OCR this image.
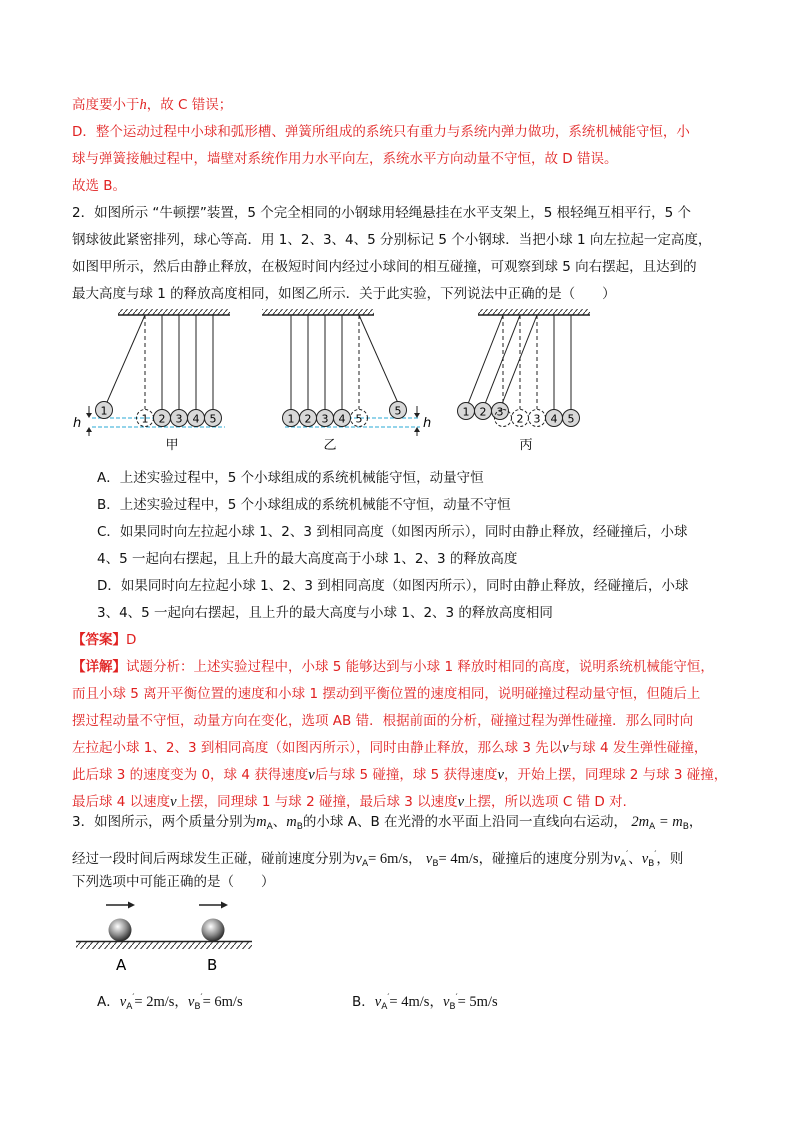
高度要小于h，故 C 错误；
D．整个运动过程中小球和弧形槽、弹簧所组成的系统只有重力与系统内弹力做功，系统机械能守恒，小
球与弹簧接触过程中，墙壁对系统作用力水平向左，系统水平方向动量不守恒，故 D 错误。
故选 B。
2．如图所示 “牛顿摆”装置，5 个完全相同的小钢球用轻绳悬挂在水平支架上，5 根轻绳互相平行，5 个
钢球彼此紧密排列，球心等高．用 1、2、3、4、5 分别标记 5 个小钢球．当把小球 1 向左拉起一定高度，
如图甲所示，然后由静止释放，在极短时间内经过小球间的相互碰撞，可观察到球 5 向右摆起，且达到的
最大高度与球 1 的释放高度相同，如图乙所示．关于此实验，下列说法中正确的是（　　）
h
1
1 2 3 4 5
甲
h
1 2 3 4 5
5
乙
1 2 3
2 3 4 5
丙
A．上述实验过程中，5 个小球组成的系统机械能守恒，动量守恒
B．上述实验过程中，5 个小球组成的系统机械能不守恒，动量不守恒
C．如果同时向左拉起小球 1、2、3 到相同高度（如图丙所示），同时由静止释放，经碰撞后，小球
4、5 一起向右摆起，且上升的最大高度高于小球 1、2、3 的释放高度
D．如果同时向左拉起小球 1、2、3 到相同高度（如图丙所示），同时由静止释放，经碰撞后，小球
3、4、5 一起向右摆起，且上升的最大高度与小球 1、2、3 的释放高度相同
【答案】D
【详解】试题分析：上述实验过程中，小球 5 能够达到与小球 1 释放时相同的高度，说明系统机械能守恒，
而且小球 5 离开平衡位置的速度和小球 1 摆动到平衡位置的速度相同，说明碰撞过程动量守恒，但随后上
摆过程动量不守恒，动量方向在变化，选项 AB 错．根据前面的分析，碰撞过程为弹性碰撞．那么同时向
左拉起小球 1、2、3 到相同高度（如图丙所示），同时由静止释放，那么球 3 先以v与球 4 发生弹性碰撞，
此后球 3 的速度变为 0，球 4 获得速度v后与球 5 碰撞，球 5 获得速度v，开始上摆，同理球 2 与球 3 碰撞，
最后球 4 以速度v上摆，同理球 1 与球 2 碰撞，最后球 3 以速度v上摆，所以选项 C 错 D 对.
3．如图所示，两个质量分别为$m_A$、$m_B$的小球 A、B 在光滑的水平面上沿同一直线向右运动， $2m_A = m_B$，
经过一段时间后两球发生正碰，碰前速度分别为$v_A= 6m/s$， $v_B= 4m/s$，碰撞后的速度分别为$v_A'$、$v_B'$，则
下列选项中可能正确的是（　　）
A	B
A．$v_A'= 2m/s$，$v_B'= 6m/s$	B．$v_A'= 4m/s$，$v_B'= 5m/s$
